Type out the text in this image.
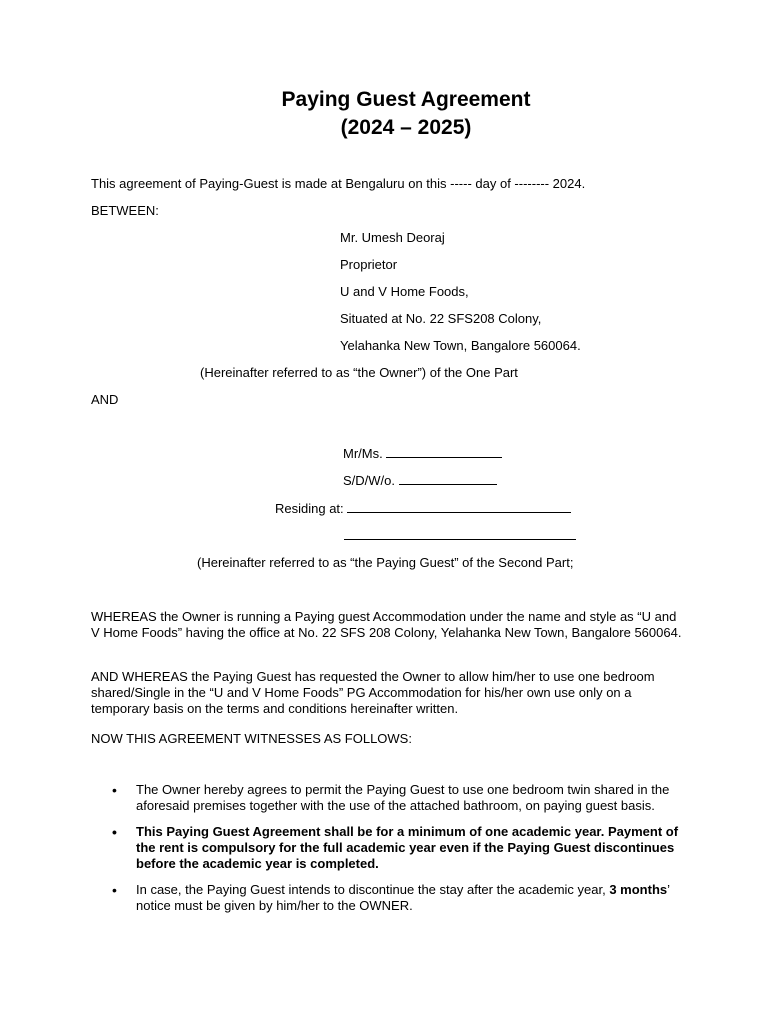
Paying Guest Agreement
(2024 – 2025)
This agreement of Paying-Guest is made at Bengaluru on this ----- day of -------- 2024.
BETWEEN:
Mr. Umesh Deoraj
Proprietor
U and V Home Foods,
Situated at No. 22 SFS208 Colony,
Yelahanka New Town, Bangalore 560064.
(Hereinafter referred to as “the Owner”) of the One Part
AND
Mr/Ms.
S/D/W/o.
Residing at:
(Hereinafter referred to as “the Paying Guest” of the Second Part;
WHEREAS the Owner is running a Paying guest Accommodation under the name and style as “U and V Home Foods” having the office at No. 22 SFS 208 Colony, Yelahanka New Town, Bangalore 560064.
AND WHEREAS the Paying Guest has requested the Owner to allow him/her to use one bedroom shared/Single in the “U and V Home Foods” PG Accommodation for his/her own use only on a temporary basis on the terms and conditions hereinafter written.
NOW THIS AGREEMENT WITNESSES AS FOLLOWS:
• The Owner hereby agrees to permit the Paying Guest to use one bedroom twin shared in the aforesaid premises together with the use of the attached bathroom, on paying guest basis.
• This Paying Guest Agreement shall be for a minimum of one academic year. Payment of the rent is compulsory for the full academic year even if the Paying Guest discontinues before the academic year is completed.
• In case, the Paying Guest intends to discontinue the stay after the academic year, 3 months’ notice must be given by him/her to the OWNER.
